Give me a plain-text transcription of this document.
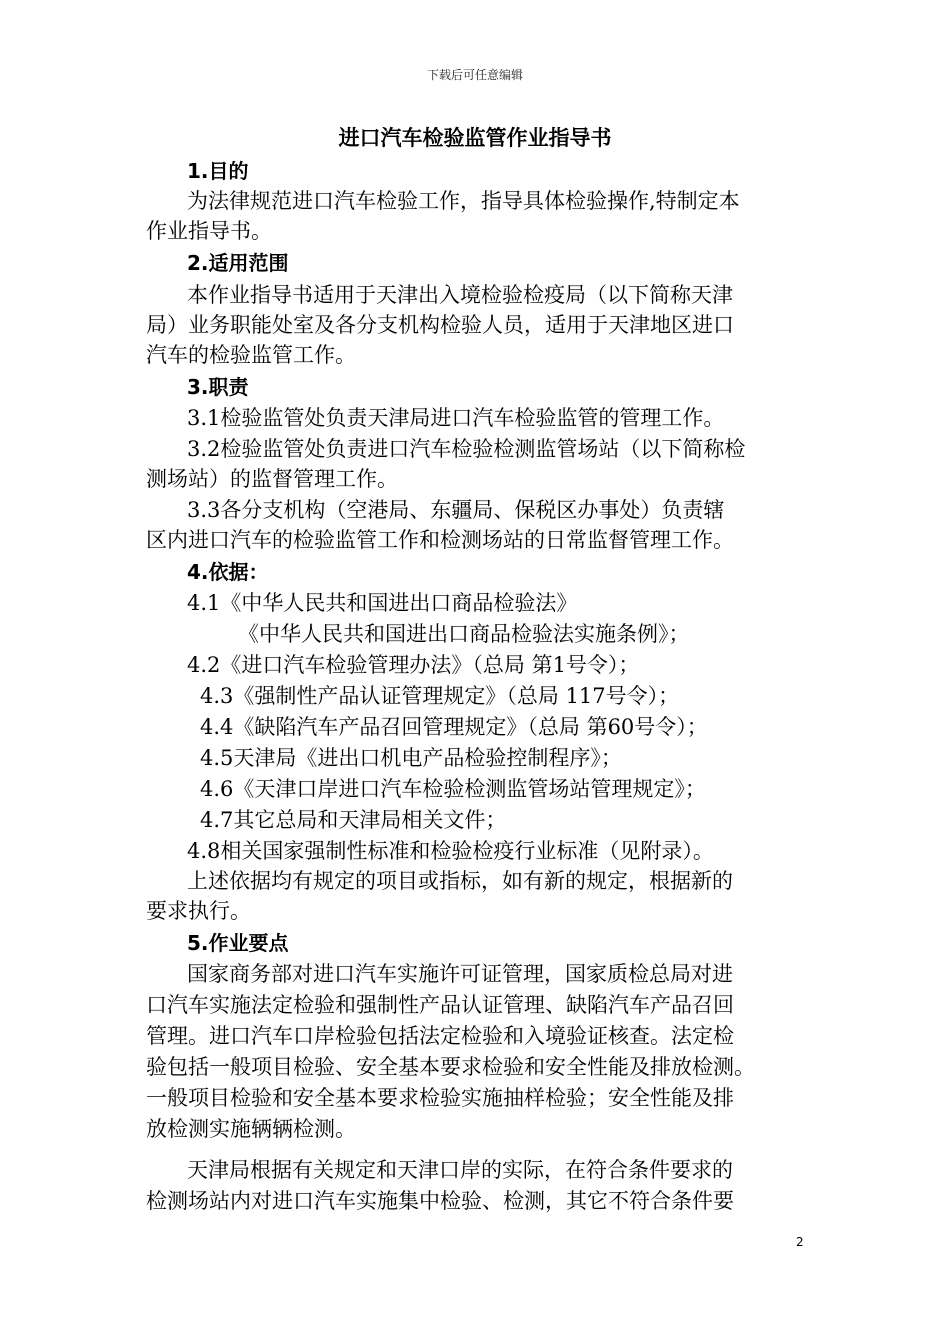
下载后可任意编辑
进口汽车检验监管作业指导书
1.目的
为法律规范进口汽车检验工作，指导具体检验操作,特制定本
作业指导书。
2.适用范围
本作业指导书适用于天津出入境检验检疫局（以下简称天津
局）业务职能处室及各分支机构检验人员，适用于天津地区进口
汽车的检验监管工作。
3.职责
3.1检验监管处负责天津局进口汽车检验监管的管理工作。
3.2检验监管处负责进口汽车检验检测监管场站（以下简称检
测场站）的监督管理工作。
3.3各分支机构（空港局、东疆局、保税区办事处）负责辖
区内进口汽车的检验监管工作和检测场站的日常监督管理工作。
4.依据：
4.1《中华人民共和国进出口商品检验法》
《中华人民共和国进出口商品检验法实施条例》；
4.2《进口汽车检验管理办法》（总局 第1号令）；
4.3《强制性产品认证管理规定》（总局 117号令）；
4.4《缺陷汽车产品召回管理规定》（总局 第60号令）；
4.5天津局《进出口机电产品检验控制程序》；
4.6《天津口岸进口汽车检验检测监管场站管理规定》；
4.7其它总局和天津局相关文件；
4.8相关国家强制性标准和检验检疫行业标准（见附录）。
上述依据均有规定的项目或指标，如有新的规定，根据新的
要求执行。
5.作业要点
国家商务部对进口汽车实施许可证管理，国家质检总局对进
口汽车实施法定检验和强制性产品认证管理、缺陷汽车产品召回
管理。进口汽车口岸检验包括法定检验和入境验证核查。法定检
验包括一般项目检验、安全基本要求检验和安全性能及排放检测。
一般项目检验和安全基本要求检验实施抽样检验；安全性能及排
放检测实施辆辆检测。
天津局根据有关规定和天津口岸的实际，在符合条件要求的
检测场站内对进口汽车实施集中检验、检测，其它不符合条件要
2
